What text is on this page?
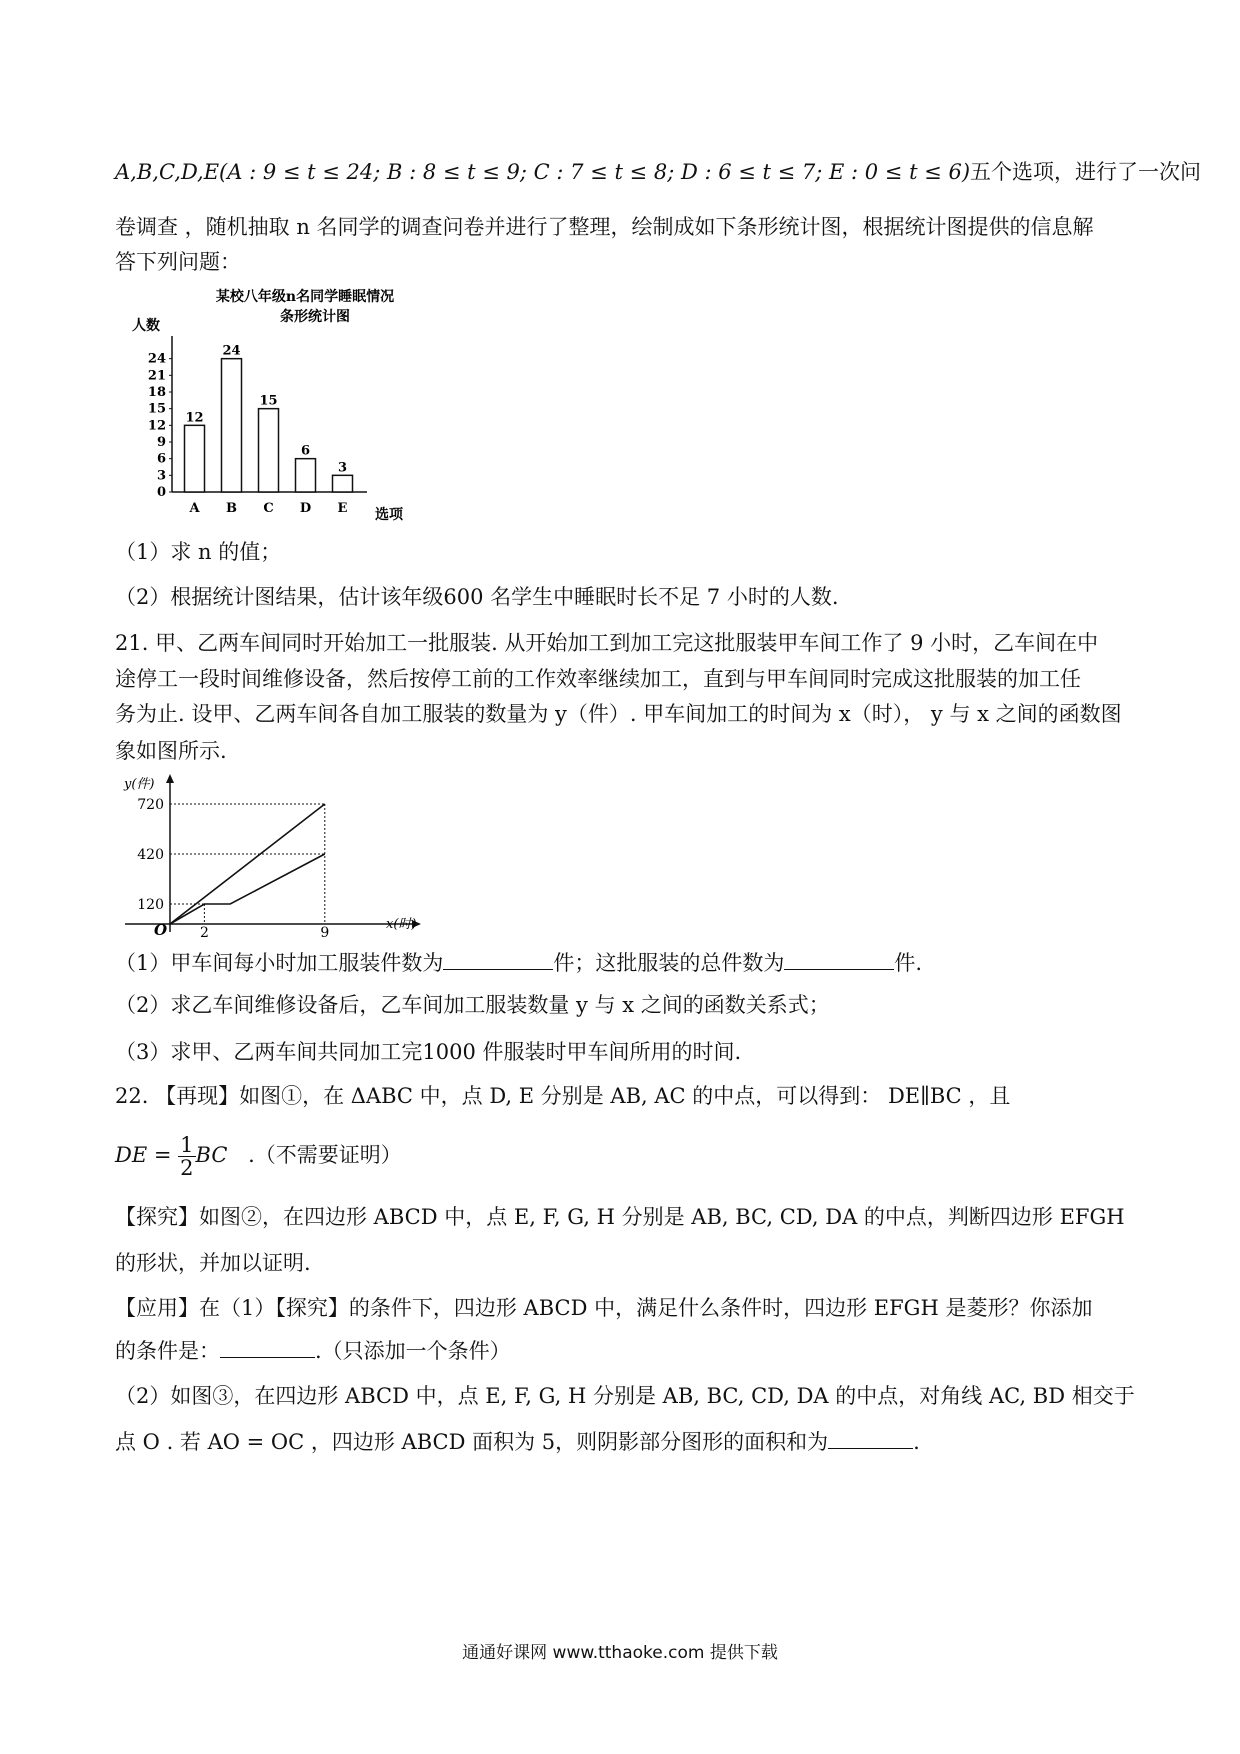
A,B,C,D,E(A : 9 ≤ t ≤ 24; B : 8 ≤ t ≤ 9; C : 7 ≤ t ≤ 8; D : 6 ≤ t ≤ 7; E : 0 ≤ t ≤ 6)五个选项，进行了一次问
卷调查 ，随机抽取 n 名同学的调查问卷并进行了整理，绘制成如下条形统计图，根据统计图提供的信息解
答下列问题：
某校八年级n名同学睡眠情况
条形统计图
人数
选项
0
3
6
9
12
15
18
21
24
12
24
15
6
3
A B C D E
（1）求 n 的值；
（2）根据统计图结果，估计该年级600 名学生中睡眠时长不足 7 小时的人数.
21. 甲、乙两车间同时开始加工一批服装. 从开始加工到加工完这批服装甲车间工作了 9 小时，乙车间在中
途停工一段时间维修设备，然后按停工前的工作效率继续加工，直到与甲车间同时完成这批服装的加工任
务为止. 设甲、乙两车间各自加工服装的数量为 y（件）. 甲车间加工的时间为 x（时）， y 与 x 之间的函数图
象如图所示.
y(件)
x(时)
O
720
420
120
2	9
（1）甲车间每小时加工服装件数为	件；这批服装的总件数为	件.
（2）求乙车间维修设备后，乙车间加工服装数量 y 与 x 之间的函数关系式；
（3）求甲、乙两车间共同加工完1000 件服装时甲车间所用的时间.
22. 【再现】如图①，在 ΔABC 中，点 D, E 分别是 AB, AC 的中点，可以得到： DE∥BC ，且
DE = $\frac{1}{2}$ BC .（不需要证明）
【探究】如图②，在四边形 ABCD 中，点 E, F, G, H 分别是 AB, BC, CD, DA 的中点，判断四边形 EFGH
的形状，并加以证明.
【应用】在（1）【探究】的条件下，四边形 ABCD 中，满足什么条件时，四边形 EFGH 是菱形？你添加
的条件是：	.（只添加一个条件）
（2）如图③，在四边形 ABCD 中，点 E, F, G, H 分别是 AB, BC, CD, DA 的中点，对角线 AC, BD 相交于
点 O . 若 AO = OC ，四边形 ABCD 面积为 5，则阴影部分图形的面积和为	.
通通好课网 www.tthaoke.com 提供下载
